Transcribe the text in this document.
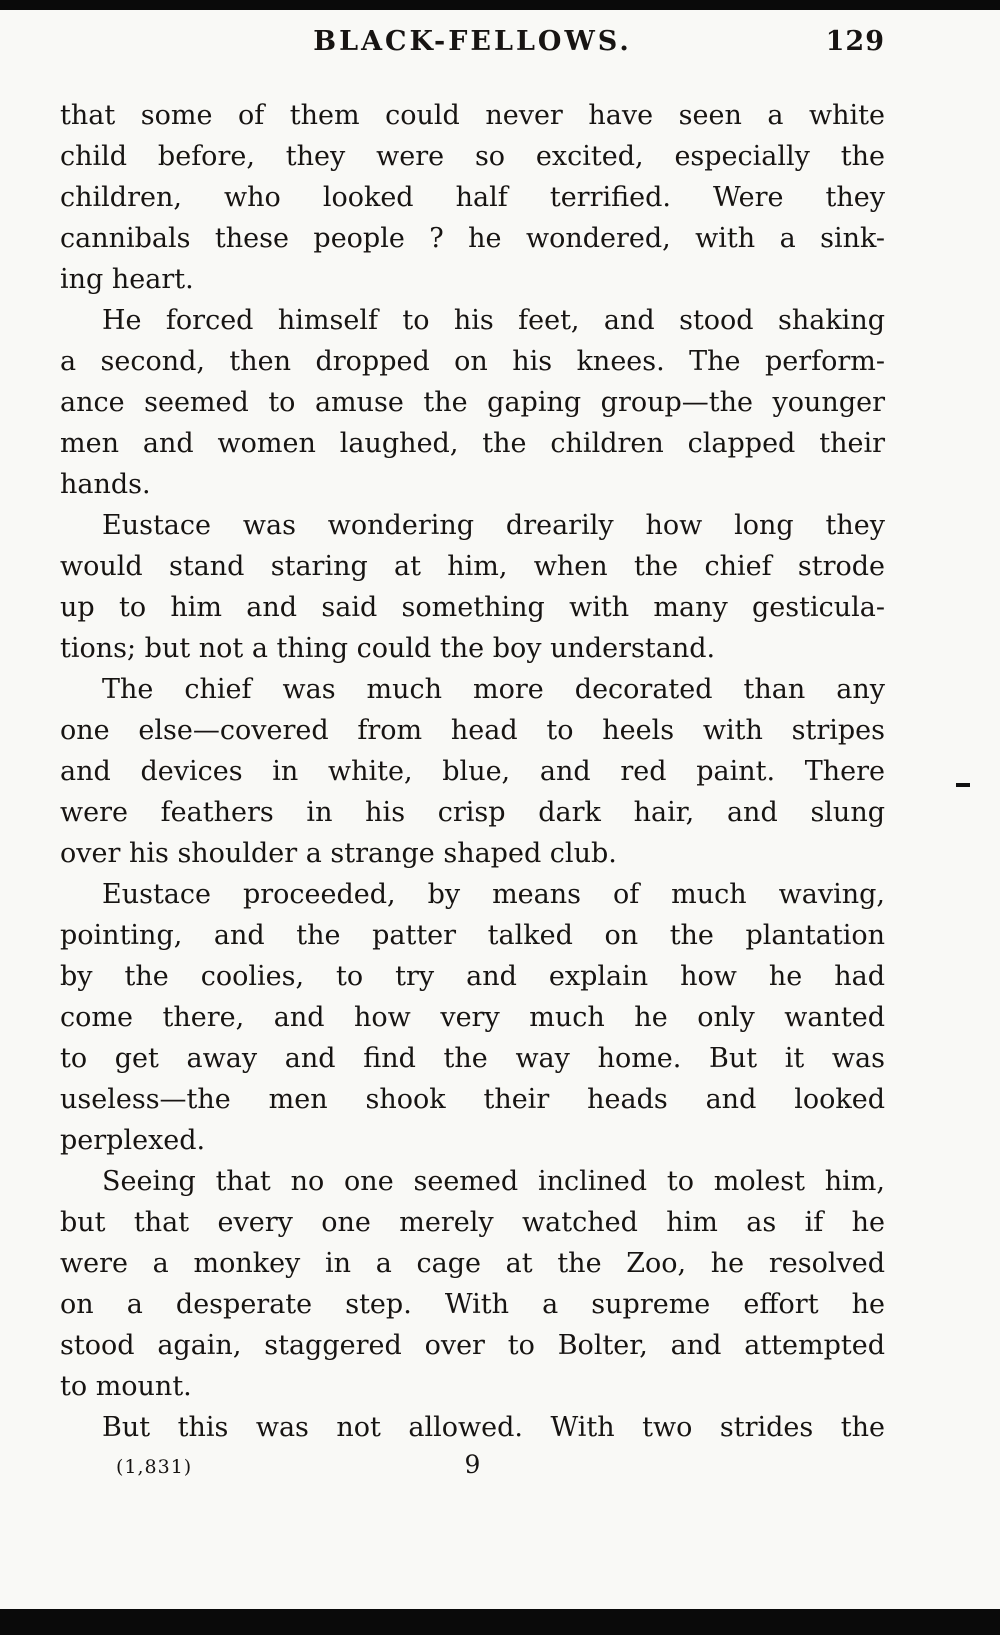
BLACK-FELLOWS.	129
that some of them could never have seen a white
child before, they were so excited, especially the
children, who looked half terrified. Were they
cannibals these people ? he wondered, with a sink-
ing heart.
He forced himself to his feet, and stood shaking
a second, then dropped on his knees. The perform-
ance seemed to amuse the gaping group—the younger
men and women laughed, the children clapped their
hands.
Eustace was wondering drearily how long they
would stand staring at him, when the chief strode
up to him and said something with many gesticula-
tions; but not a thing could the boy understand.
The chief was much more decorated than any
one else—covered from head to heels with stripes
and devices in white, blue, and red paint. There
were feathers in his crisp dark hair, and slung
over his shoulder a strange shaped club.
Eustace proceeded, by means of much waving,
pointing, and the patter talked on the plantation
by the coolies, to try and explain how he had
come there, and how very much he only wanted
to get away and find the way home. But it was
useless—the men shook their heads and looked
perplexed.
Seeing that no one seemed inclined to molest him,
but that every one merely watched him as if he
were a monkey in a cage at the Zoo, he resolved
on a desperate step. With a supreme effort he
stood again, staggered over to Bolter, and attempted
to mount.
But this was not allowed. With two strides the
(1,831)	9
